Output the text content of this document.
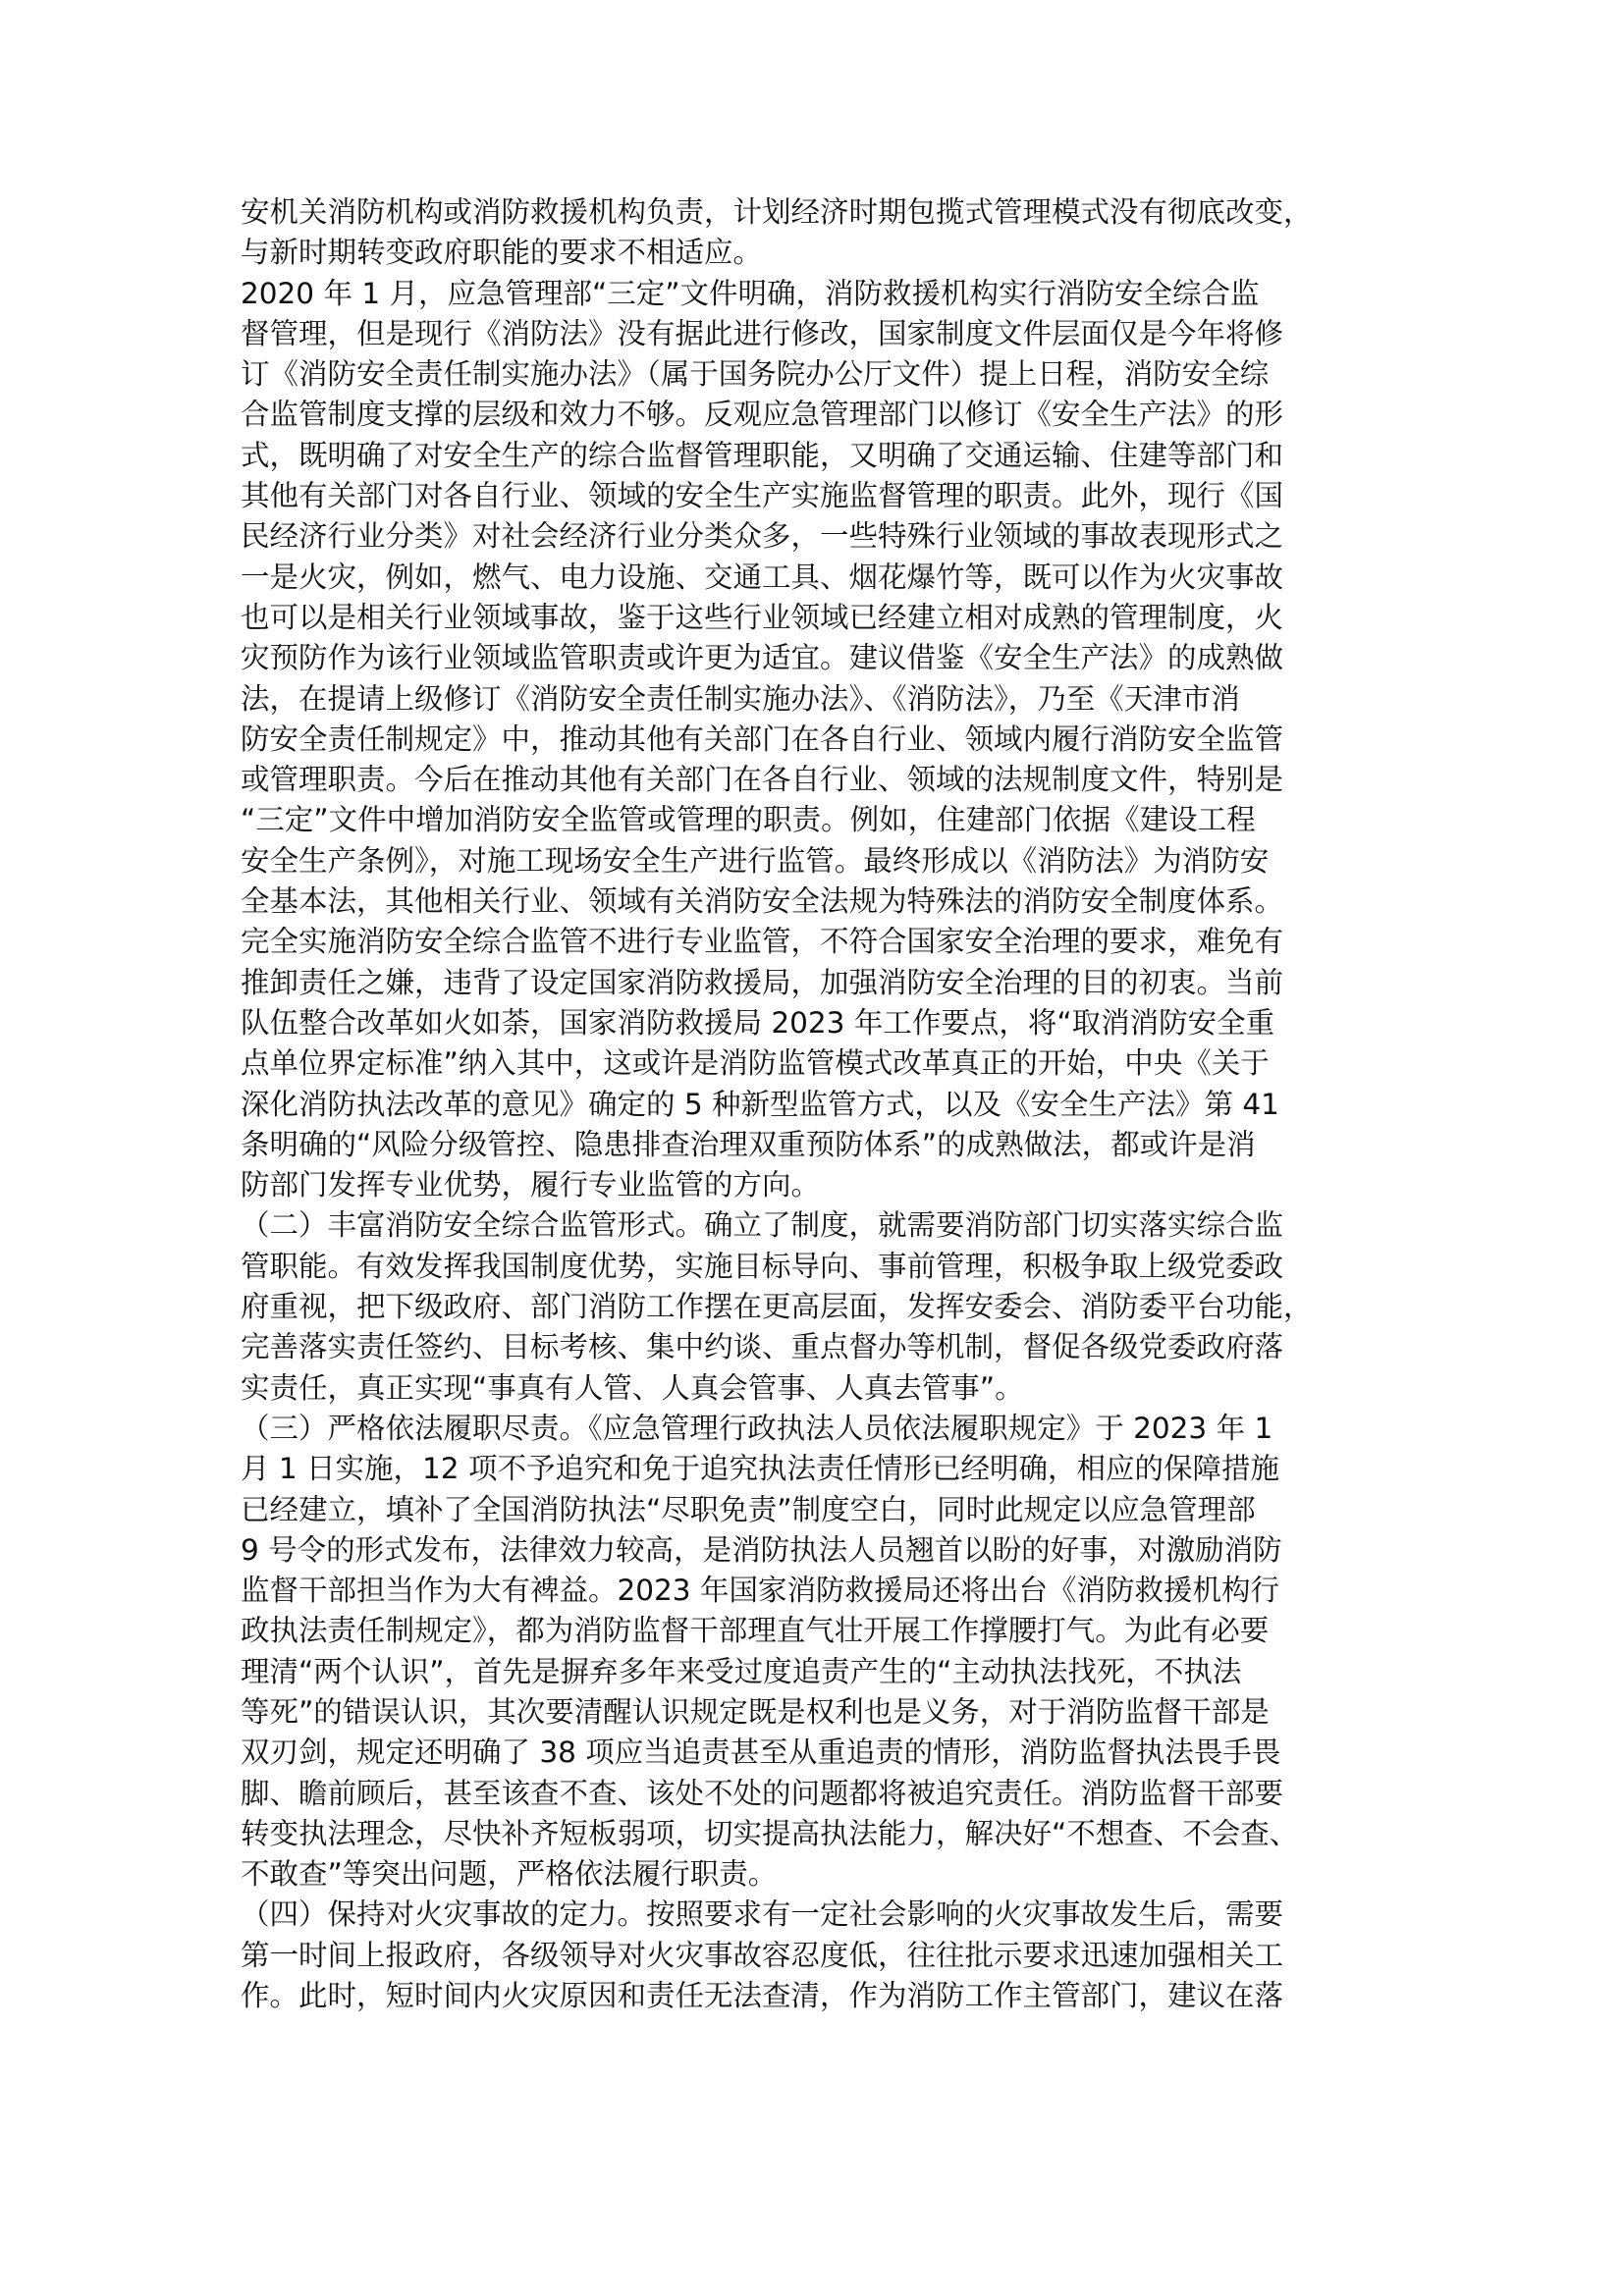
安机关消防机构或消防救援机构负责，计划经济时期包揽式管理模式没有彻底改变，
与新时期转变政府职能的要求不相适应。
2020 年 1 月，应急管理部“三定”文件明确，消防救援机构实行消防安全综合监
督管理，但是现行《消防法》没有据此进行修改，国家制度文件层面仅是今年将修
订《消防安全责任制实施办法》（属于国务院办公厅文件）提上日程，消防安全综
合监管制度支撑的层级和效力不够。反观应急管理部门以修订《安全生产法》的形
式，既明确了对安全生产的综合监督管理职能，又明确了交通运输、住建等部门和
其他有关部门对各自行业、领域的安全生产实施监督管理的职责。此外，现行《国
民经济行业分类》对社会经济行业分类众多，一些特殊行业领域的事故表现形式之
一是火灾，例如，燃气、电力设施、交通工具、烟花爆竹等，既可以作为火灾事故
也可以是相关行业领域事故，鉴于这些行业领域已经建立相对成熟的管理制度，火
灾预防作为该行业领域监管职责或许更为适宜。建议借鉴《安全生产法》的成熟做
法，在提请上级修订《消防安全责任制实施办法》、《消防法》，乃至《天津市消
防安全责任制规定》中，推动其他有关部门在各自行业、领域内履行消防安全监管
或管理职责。今后在推动其他有关部门在各自行业、领域的法规制度文件，特别是
“三定”文件中增加消防安全监管或管理的职责。例如，住建部门依据《建设工程
安全生产条例》，对施工现场安全生产进行监管。最终形成以《消防法》为消防安
全基本法，其他相关行业、领域有关消防安全法规为特殊法的消防安全制度体系。
完全实施消防安全综合监管不进行专业监管，不符合国家安全治理的要求，难免有
推卸责任之嫌，违背了设定国家消防救援局，加强消防安全治理的目的初衷。当前
队伍整合改革如火如荼，国家消防救援局 2023 年工作要点，将“取消消防安全重
点单位界定标准”纳入其中，这或许是消防监管模式改革真正的开始，中央《关于
深化消防执法改革的意见》确定的 5 种新型监管方式，以及《安全生产法》第 41
条明确的“风险分级管控、隐患排查治理双重预防体系”的成熟做法，都或许是消
防部门发挥专业优势，履行专业监管的方向。
（二）丰富消防安全综合监管形式。确立了制度，就需要消防部门切实落实综合监
管职能。有效发挥我国制度优势，实施目标导向、事前管理，积极争取上级党委政
府重视，把下级政府、部门消防工作摆在更高层面，发挥安委会、消防委平台功能，
完善落实责任签约、目标考核、集中约谈、重点督办等机制，督促各级党委政府落
实责任，真正实现“事真有人管、人真会管事、人真去管事”。
（三）严格依法履职尽责。《应急管理行政执法人员依法履职规定》于 2023 年 1
月 1 日实施，12 项不予追究和免于追究执法责任情形已经明确，相应的保障措施
已经建立，填补了全国消防执法“尽职免责”制度空白，同时此规定以应急管理部
9 号令的形式发布，法律效力较高，是消防执法人员翘首以盼的好事，对激励消防
监督干部担当作为大有裨益。2023 年国家消防救援局还将出台《消防救援机构行
政执法责任制规定》，都为消防监督干部理直气壮开展工作撑腰打气。为此有必要
理清“两个认识”，首先是摒弃多年来受过度追责产生的“主动执法找死，不执法
等死”的错误认识，其次要清醒认识规定既是权利也是义务，对于消防监督干部是
双刃剑，规定还明确了 38 项应当追责甚至从重追责的情形，消防监督执法畏手畏
脚、瞻前顾后，甚至该查不查、该处不处的问题都将被追究责任。消防监督干部要
转变执法理念，尽快补齐短板弱项，切实提高执法能力，解决好“不想查、不会查、
不敢查”等突出问题，严格依法履行职责。
（四）保持对火灾事故的定力。按照要求有一定社会影响的火灾事故发生后，需要
第一时间上报政府，各级领导对火灾事故容忍度低，往往批示要求迅速加强相关工
作。此时，短时间内火灾原因和责任无法查清，作为消防工作主管部门，建议在落
